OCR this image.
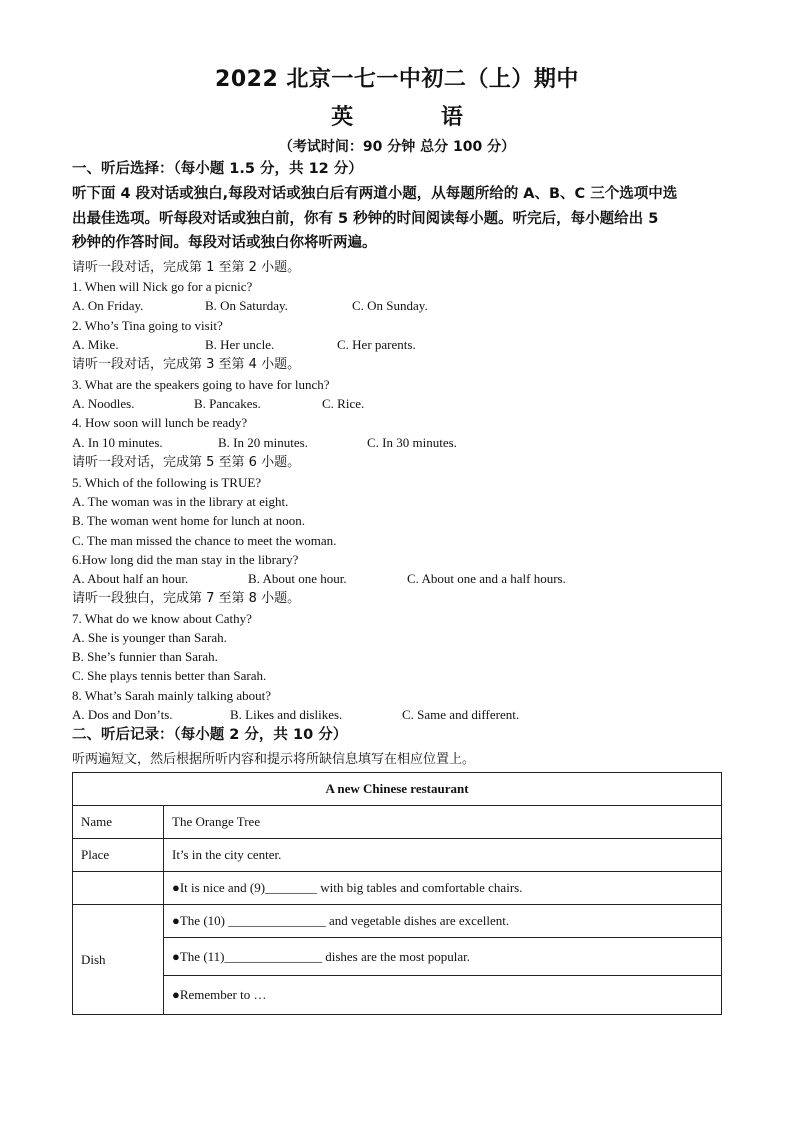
2022 北京一七一中初二（上）期中
英 语
（考试时间：90 分钟 总分 100 分）
一、听后选择：（每小题 1.5 分，共 12 分）
听下面 4 段对话或独白,每段对话或独白后有两道小题，从每题所给的 A、B、C 三个选项中选
出最佳选项。听每段对话或独白前，你有 5 秒钟的时间阅读每小题。听完后，每小题给出 5
秒钟的作答时间。每段对话或独白你将听两遍。
请听一段对话，完成第 1 至第 2 小题。
1. When will Nick go for a picnic?
A. On Friday.	B. On Saturday.	C. On Sunday.
2. Who’s Tina going to visit?
A. Mike.	B. Her uncle.	C. Her parents.
请听一段对话，完成第 3 至第 4 小题。
3. What are the speakers going to have for lunch?
A. Noodles.	B. Pancakes.	C. Rice.
4. How soon will lunch be ready?
A. In 10 minutes.	B. In 20 minutes.	C. In 30 minutes.
请听一段对话，完成第 5 至第 6 小题。
5. Which of the following is TRUE?
A. The woman was in the library at eight.
B. The woman went home for lunch at noon.
C. The man missed the chance to meet the woman.
6.How long did the man stay in the library?
A. About half an hour.	B. About one hour.	C. About one and a half hours.
请听一段独白，完成第 7 至第 8 小题。
7. What do we know about Cathy?
A. She is younger than Sarah.
B. She’s funnier than Sarah.
C. She plays tennis better than Sarah.
8. What’s Sarah mainly talking about?
A. Dos and Don’ts.	B. Likes and dislikes.	C. Same and different.
二、听后记录：（每小题 2 分，共 10 分）
听两遍短文，然后根据所听内容和提示将所缺信息填写在相应位置上。
A new Chinese restaurant	
Name	The Orange Tree
Place	It’s in the city center.
	●It is nice and (9)________ with big tables and comfortable chairs.
Dish	●The (10) _______________ and vegetable dishes are excellent.
	●The (11)_______________ dishes are the most popular.
	●Remember to …
